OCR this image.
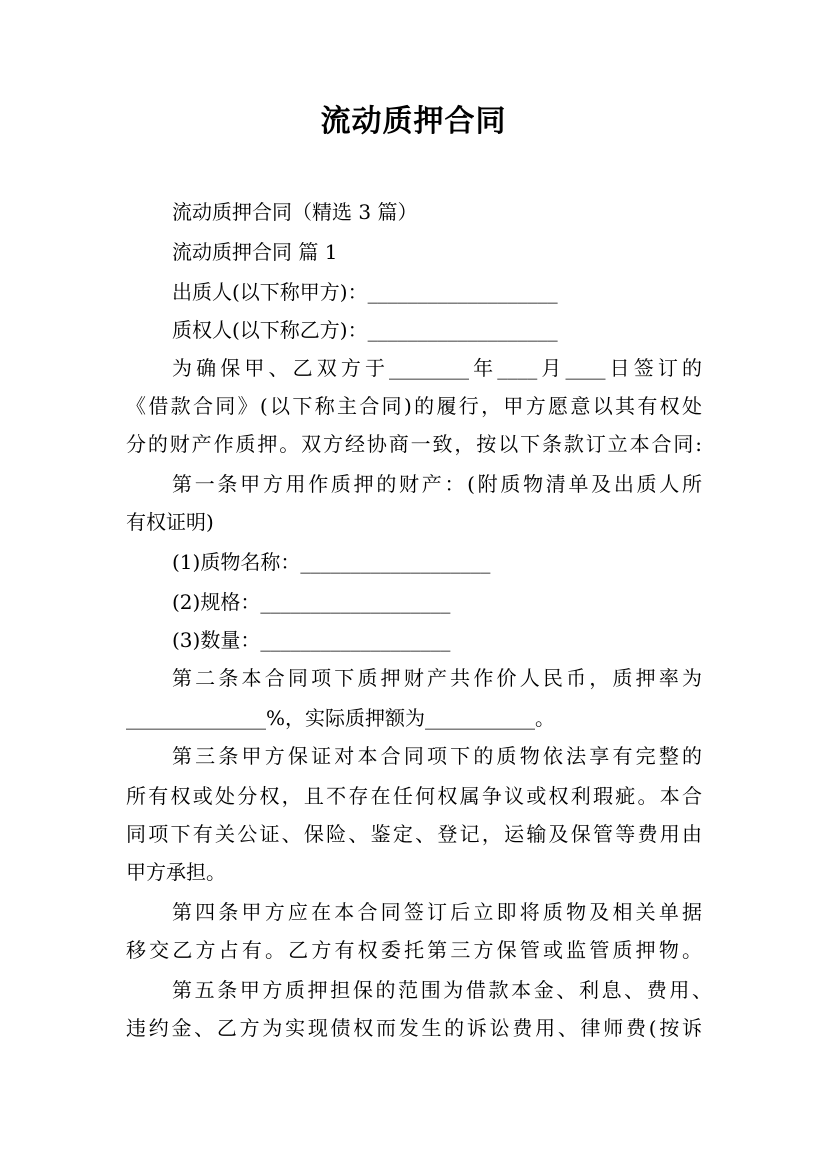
流动质押合同
流动质押合同（精选 3 篇）
流动质押合同 篇 1
出质人(以下称甲方)：___________________
质权人(以下称乙方)：___________________
为确保甲、乙双方于________年____月____日签订的
《借款合同》(以下称主合同)的履行，甲方愿意以其有权处
分的财产作质押。双方经协商一致，按以下条款订立本合同:
第一条甲方用作质押的财产：(附质物清单及出质人所
有权证明)
(1)质物名称：___________________
(2)规格：___________________
(3)数量：___________________
第二条本合同项下质押财产共作价人民币，质押率为
______________%，实际质押额为___________。
第三条甲方保证对本合同项下的质物依法享有完整的
所有权或处分权，且不存在任何权属争议或权利瑕疵。本合
同项下有关公证、保险、鉴定、登记，运输及保管等费用由
甲方承担。
第四条甲方应在本合同签订后立即将质物及相关单据
移交乙方占有。乙方有权委托第三方保管或监管质押物。
第五条甲方质押担保的范围为借款本金、利息、费用、
违约金、乙方为实现债权而发生的诉讼费用、律师费(按诉
